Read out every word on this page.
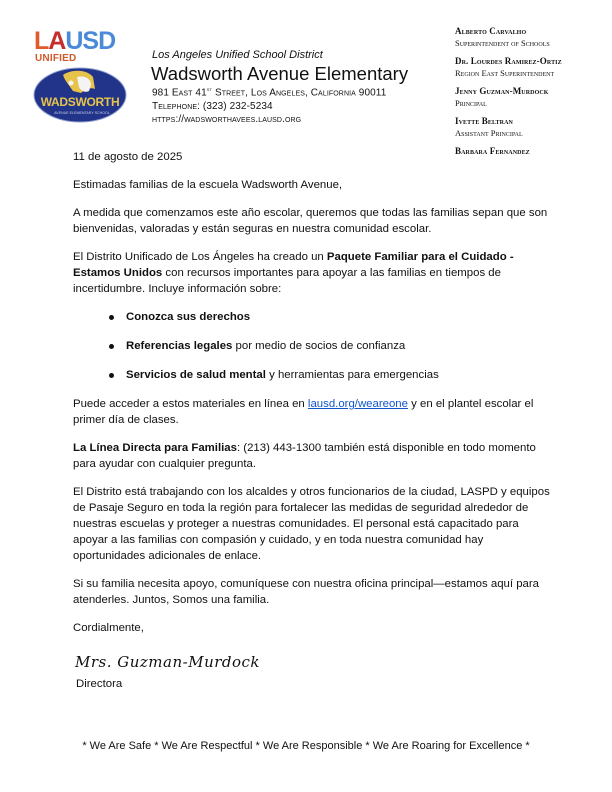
LAUSD
UNIFIED
WADSWORTH
AVENUE ELEMENTARY SCHOOL
Los Angeles Unified School District
Wadsworth Avenue Elementary
981 East 41st Street, Los Angeles, California 90011
Telephone: (323) 232-5234
https://wadsworthavees.lausd.org
Alberto Carvalho
Superintendent of Schools
Dr. Lourdes Ramirez-Ortiz
Region East Superintendent
Jenny Guzman-Murdock
Principal
Ivette Beltran
Assistant Principal
Barbara Fernandez

11 de agosto de 2025

Estimadas familias de la escuela Wadsworth Avenue,

A medida que comenzamos este año escolar, queremos que todas las familias sepan que son bienvenidas, valoradas y están seguras en nuestra comunidad escolar.

El Distrito Unificado de Los Ángeles ha creado un Paquete Familiar para el Cuidado - Estamos Unidos con recursos importantes para apoyar a las familias en tiempos de incertidumbre. Incluye información sobre:

Conozca sus derechos
Referencias legales por medio de socios de confianza
Servicios de salud mental y herramientas para emergencias

Puede acceder a estos materiales en línea en lausd.org/weareone y en el plantel escolar el primer día de clases.

La Línea Directa para Familias: (213) 443-1300 también está disponible en todo momento para ayudar con cualquier pregunta.

El Distrito está trabajando con los alcaldes y otros funcionarios de la ciudad, LASPD y equipos de Pasaje Seguro en toda la región para fortalecer las medidas de seguridad alrededor de nuestras escuelas y proteger a nuestras comunidades. El personal está capacitado para apoyar a las familias con compasión y cuidado, y en toda nuestra comunidad hay oportunidades adicionales de enlace.

Si su familia necesita apoyo, comuníquese con nuestra oficina principal—estamos aquí para atenderles. Juntos, Somos una familia.

Cordialmente,

Mrs. Guzman-Murdock
Directora
* We Are Safe * We Are Respectful * We Are Responsible * We Are Roaring for Excellence *
